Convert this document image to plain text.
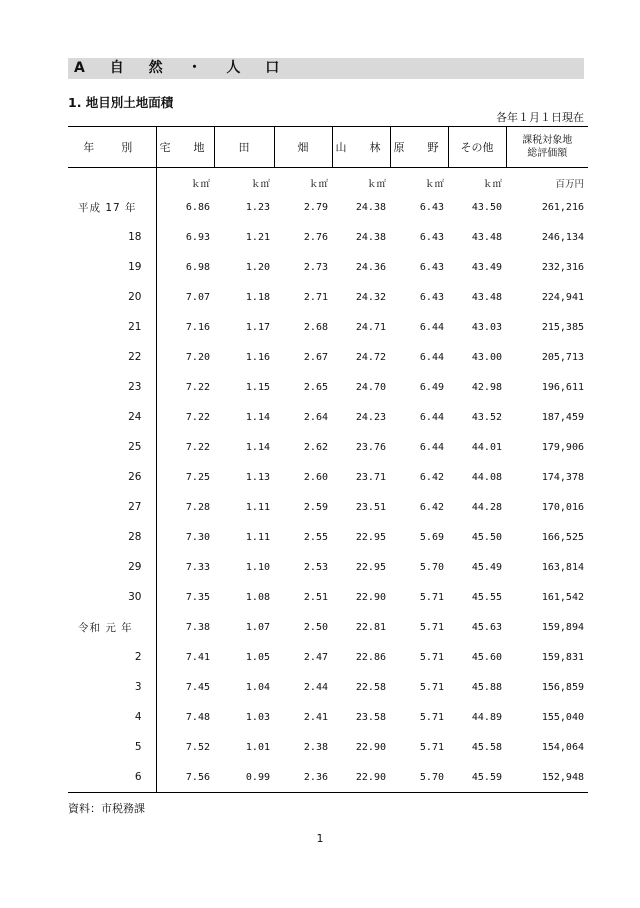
A 自 然 ・ 人 口
1. 地目別土地面積
各年１月１日現在
年　別	宅　地	田	畑	山　林	原　野	その他	課税対象地
総評価額
	ｋ㎡	ｋ㎡	ｋ㎡	ｋ㎡	ｋ㎡	ｋ㎡	百万円
平成 17 年	6.86	1.23	2.79	24.38	6.43	43.50	261,216
18	6.93	1.21	2.76	24.38	6.43	43.48	246,134
19	6.98	1.20	2.73	24.36	6.43	43.49	232,316
20	7.07	1.18	2.71	24.32	6.43	43.48	224,941
21	7.16	1.17	2.68	24.71	6.44	43.03	215,385
22	7.20	1.16	2.67	24.72	6.44	43.00	205,713
23	7.22	1.15	2.65	24.70	6.49	42.98	196,611
24	7.22	1.14	2.64	24.23	6.44	43.52	187,459
25	7.22	1.14	2.62	23.76	6.44	44.01	179,906
26	7.25	1.13	2.60	23.71	6.42	44.08	174,378
27	7.28	1.11	2.59	23.51	6.42	44.28	170,016
28	7.30	1.11	2.55	22.95	5.69	45.50	166,525
29	7.33	1.10	2.53	22.95	5.70	45.49	163,814
30	7.35	1.08	2.51	22.90	5.71	45.55	161,542
令和 元 年	7.38	1.07	2.50	22.81	5.71	45.63	159,894
2	7.41	1.05	2.47	22.86	5.71	45.60	159,831
3	7.45	1.04	2.44	22.58	5.71	45.88	156,859
4	7.48	1.03	2.41	23.58	5.71	44.89	155,040
5	7.52	1.01	2.38	22.90	5.71	45.58	154,064
6	7.56	0.99	2.36	22.90	5.70	45.59	152,948
資料：市税務課
1
